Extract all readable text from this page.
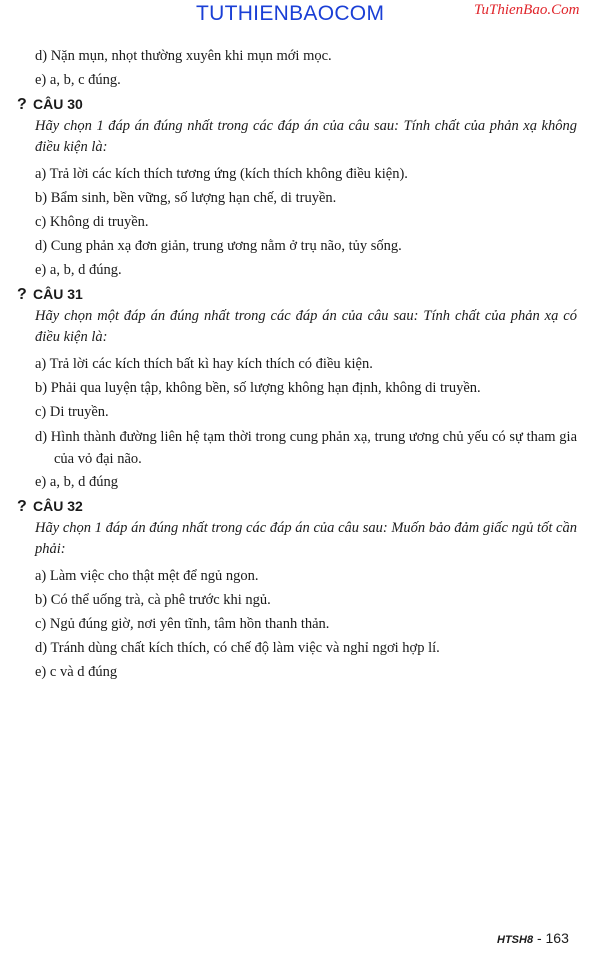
TUTHIENBAOCOM	TuThienBao.Com
d) Nặn mụn, nhọt thường xuyên khi mụn mới mọc.
e) a, b, c đúng.
? CÂU 30
Hãy chọn 1 đáp án đúng nhất trong các đáp án của câu sau: Tính chất của phản xạ không điều kiện là:
a) Trả lời các kích thích tương ứng (kích thích không điều kiện).
b) Bẩm sinh, bền vững, số lượng hạn chế, di truyền.
c) Không di truyền.
d) Cung phản xạ đơn giản, trung ương nằm ở trụ não, tủy sống.
e) a, b, d đúng.
? CÂU 31
Hãy chọn một đáp án đúng nhất trong các đáp án của câu sau: Tính chất của phản xạ có điều kiện là:
a) Trả lời các kích thích bất kì hay kích thích có điều kiện.
b) Phải qua luyện tập, không bền, số lượng không hạn định, không di truyền.
c) Di truyền.
d) Hình thành đường liên hệ tạm thời trong cung phản xạ, trung ương chủ yếu có sự tham gia của vỏ đại não.
e) a, b, d đúng
? CÂU 32
Hãy chọn 1 đáp án đúng nhất trong các đáp án của câu sau: Muốn bảo đảm giấc ngủ tốt cần phải:
a) Làm việc cho thật mệt để ngủ ngon.
b) Có thể uống trà, cà phê trước khi ngủ.
c) Ngủ đúng giờ, nơi yên tĩnh, tâm hồn thanh thản.
d) Tránh dùng chất kích thích, có chế độ làm việc và nghỉ ngơi hợp lí.
e) c và d đúng
HTSH8 - 163
